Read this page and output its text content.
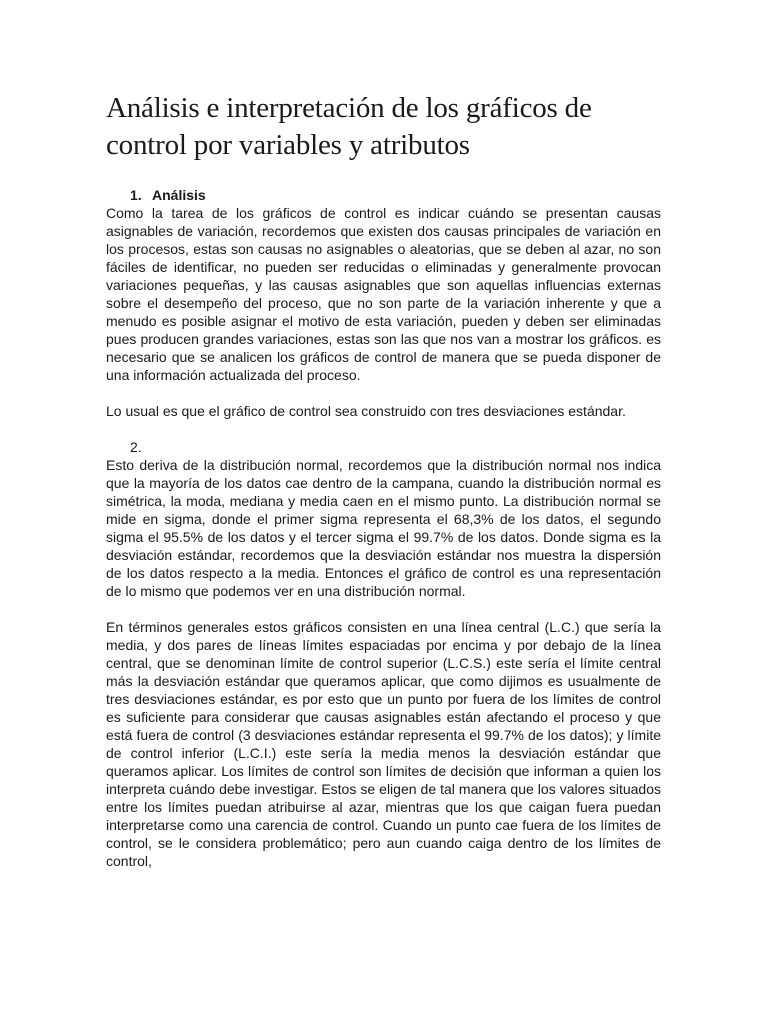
Análisis e interpretación de los gráficos de control por variables y atributos
1. Análisis

Como la tarea de los gráficos de control es indicar cuándo se presentan causas asignables de variación, recordemos que existen dos causas principales de variación en los procesos, estas son causas no asignables o aleatorias, que se deben al azar, no son fáciles de identificar, no pueden ser reducidas o eliminadas y generalmente provocan variaciones pequeñas, y las causas asignables que son aquellas influencias externas sobre el desempeño del proceso, que no son parte de la variación inherente y que a menudo es posible asignar el motivo de esta variación, pueden y deben ser eliminadas pues producen grandes variaciones, estas son las que nos van a mostrar los gráficos. es necesario que se analicen los gráficos de control de manera que se pueda disponer de una información actualizada del proceso.

Lo usual es que el gráfico de control sea construido con tres desviaciones estándar.

2.

Esto deriva de la distribución normal, recordemos que la distribución normal nos indica que la mayoría de los datos cae dentro de la campana, cuando la distribución normal es simétrica, la moda, mediana y media caen en el mismo punto. La distribución normal se mide en sigma, donde el primer sigma representa el 68,3% de los datos, el segundo sigma el 95.5% de los datos y el tercer sigma el 99.7% de los datos. Donde sigma es la desviación estándar, recordemos que la desviación estándar nos muestra la dispersión de los datos respecto a la media. Entonces el gráfico de control es una representación de lo mismo que podemos ver en una distribución normal.

En términos generales estos gráficos consisten en una línea central (L.C.) que sería la media, y dos pares de líneas límites espaciadas por encima y por debajo de la línea central, que se denominan límite de control superior (L.C.S.) este sería el límite central más la desviación estándar que queramos aplicar, que como dijimos es usualmente de tres desviaciones estándar, es por esto que un punto por fuera de los límites de control es suficiente para considerar que causas asignables están afectando el proceso y que está fuera de control (3 desviaciones estándar representa el 99.7% de los datos); y límite de control inferior (L.C.I.) este sería la media menos la desviación estándar que queramos aplicar. Los límites de control son límites de decisión que informan a quien los interpreta cuándo debe investigar. Estos se eligen de tal manera que los valores situados entre los límites puedan atribuirse al azar, mientras que los que caigan fuera puedan interpretarse como una carencia de control. Cuando un punto cae fuera de los límites de control, se le considera problemático; pero aun cuando caiga dentro de los límites de control,
